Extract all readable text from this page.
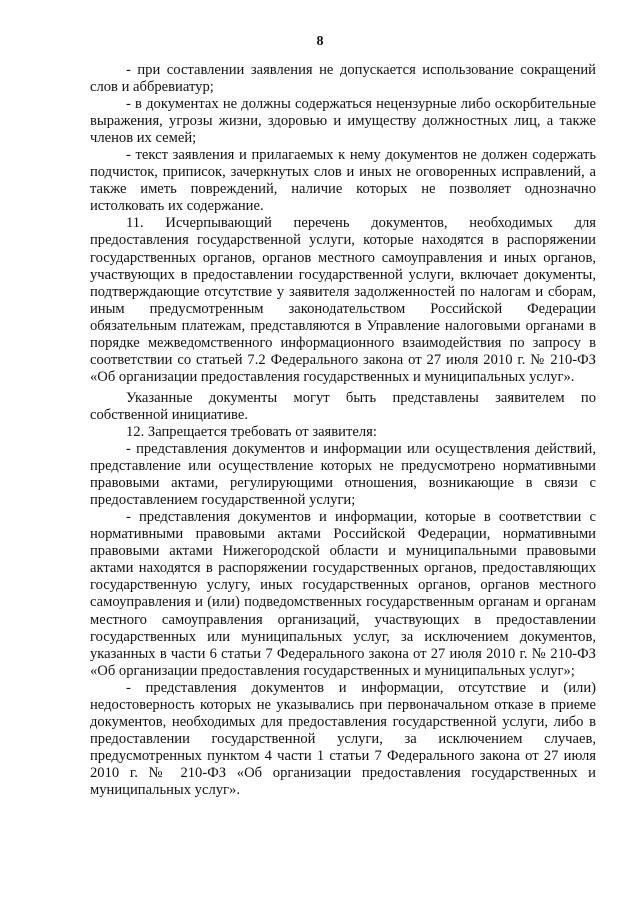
8

- при составлении заявления не допускается использование сокращений слов и аббревиатур;

- в документах не должны содержаться нецензурные либо оскорбительные выражения, угрозы жизни, здоровью и имуществу должностных лиц, а также членов их семей;

- текст заявления и прилагаемых к нему документов не должен содержать подчисток, приписок, зачеркнутых слов и иных не оговоренных исправлений, а также иметь повреждений, наличие которых не позволяет однозначно истолковать их содержание.

11. Исчерпывающий перечень документов, необходимых для предоставления государственной услуги, которые находятся в распоряжении государственных органов, органов местного самоуправления и иных органов, участвующих в предоставлении государственной услуги, включает документы, подтверждающие отсутствие у заявителя задолженностей по налогам и сборам, иным предусмотренным законодательством Российской Федерации обязательным платежам, представляются в Управление налоговыми органами в порядке межведомственного информационного взаимодействия по запросу в соответствии со статьей 7.2 Федерального закона от 27 июля 2010 г. № 210-ФЗ «Об организации предоставления государственных и муниципальных услуг».

Указанные документы могут быть представлены заявителем по собственной инициативе.

12. Запрещается требовать от заявителя:

- представления документов и информации или осуществления действий, представление или осуществление которых не предусмотрено нормативными правовыми актами, регулирующими отношения, возникающие в связи с предоставлением государственной услуги;

- представления документов и информации, которые в соответствии с нормативными правовыми актами Российской Федерации, нормативными правовыми актами Нижегородской области и муниципальными правовыми актами находятся в распоряжении государственных органов, предоставляющих государственную услугу, иных государственных органов, органов местного самоуправления и (или) подведомственных государственным органам и органам местного самоуправления организаций, участвующих в предоставлении государственных или муниципальных услуг, за исключением документов, указанных в части 6 статьи 7 Федерального закона от 27 июля 2010 г. № 210-ФЗ «Об организации предоставления государственных и муниципальных услуг»;

- представления документов и информации, отсутствие и (или) недостоверность которых не указывались при первоначальном отказе в приеме документов, необходимых для предоставления государственной услуги, либо в предоставлении государственной услуги, за исключением случаев, предусмотренных пунктом 4 части 1 статьи 7 Федерального закона от 27 июля 2010 г. № 210-ФЗ «Об организации предоставления государственных и муниципальных услуг».
